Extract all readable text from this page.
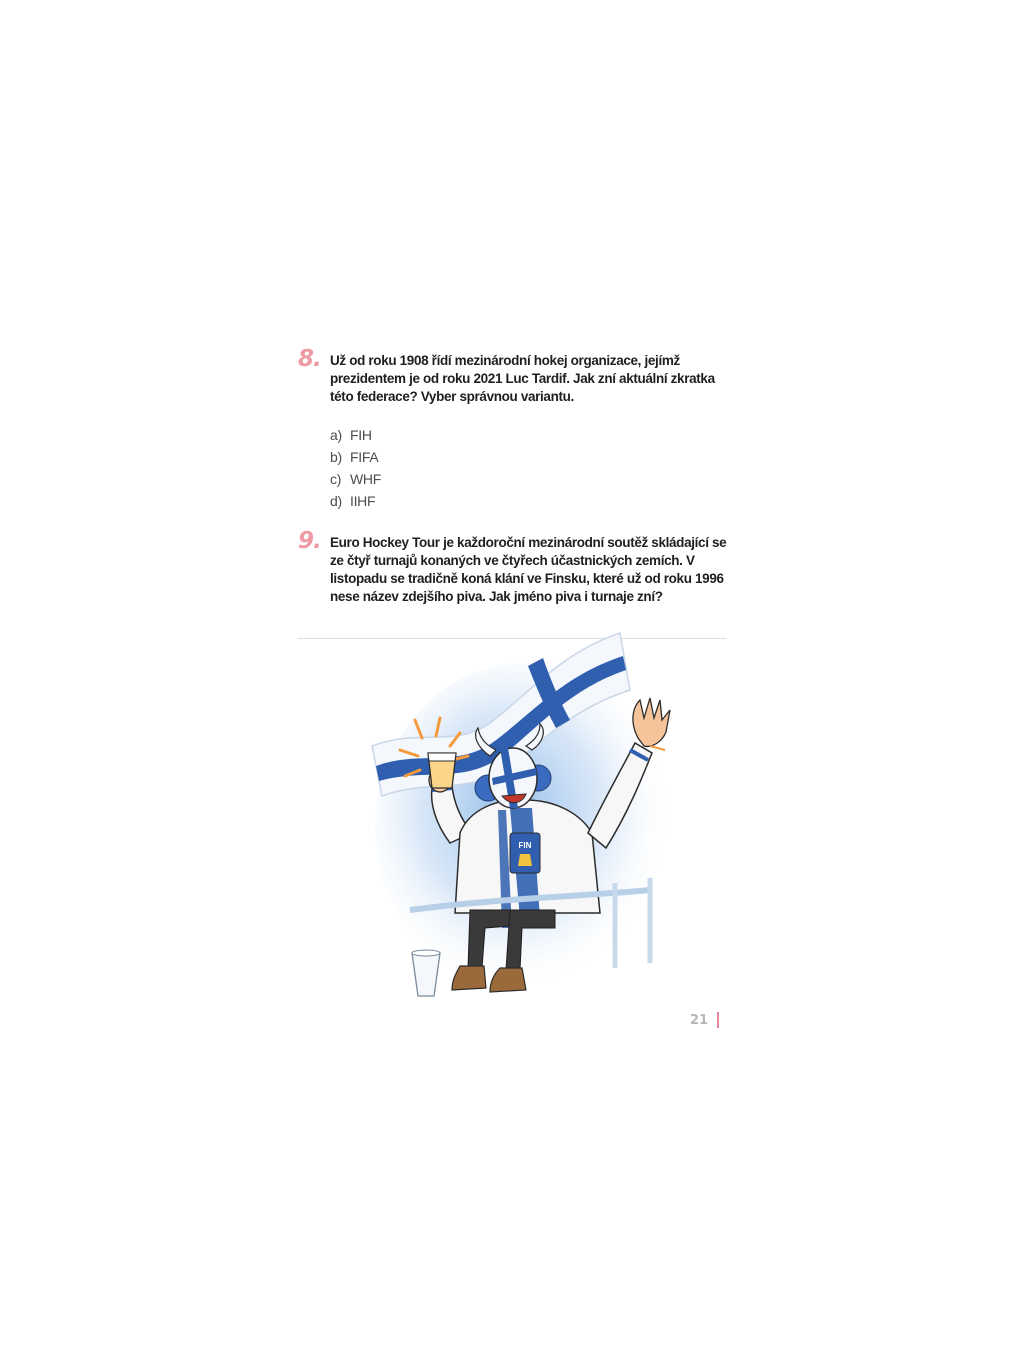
8. Už od roku 1908 řídí mezinárodní hokej organizace, jejímž prezidentem je od roku 2021 Luc Tardif. Jak zní aktuální zkratka této federace? Vyber správnou variantu.
a) FIH
b) FIFA
c) WHF
d) IIHF
9. Euro Hockey Tour je každoroční mezinárodní soutěž skládající se ze čtyř turnajů konaných ve čtyřech účastnických zemích. V listopadu se tradičně koná klání ve Finsku, které už od roku 1996 nese název zdejšího piva. Jak jméno piva i turnaje zní?
FIN
21
